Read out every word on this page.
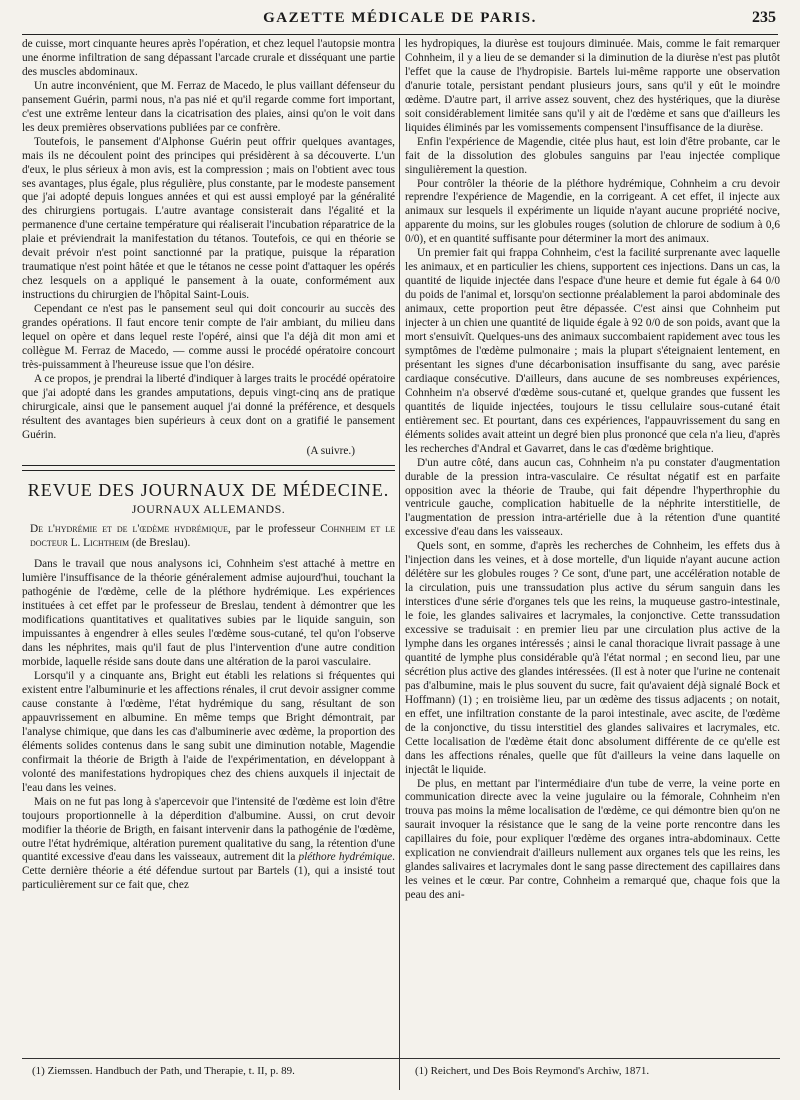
GAZETTE MÉDICALE DE PARIS.	235

de cuisse, mort cinquante heures après l'opération, et chez lequel l'autopsie montra une énorme infiltration de sang dépassant l'arcade crurale et disséquant une partie des muscles abdominaux.

Un autre inconvénient, que M. Ferraz de Macedo, le plus vaillant défenseur du pansement Guérin, parmi nous, n'a pas nié et qu'il regarde comme fort important, c'est une extrême lenteur dans la cicatrisation des plaies, ainsi qu'on le voit dans les deux premières observations publiées par ce confrère.

Toutefois, le pansement d'Alphonse Guérin peut offrir quelques avantages, mais ils ne découlent point des principes qui présidèrent à sa découverte. L'un d'eux, le plus sérieux à mon avis, est la compression ; mais on l'obtient avec tous ses avantages, plus égale, plus régulière, plus constante, par le modeste pansement que j'ai adopté depuis longues années et qui est aussi employé par la généralité des chirurgiens portugais. L'autre avantage consisterait dans l'égalité et la permanence d'une certaine température qui réaliserait l'incubation réparatrice de la plaie et préviendrait la manifestation du tétanos. Toutefois, ce qui en théorie se devait prévoir n'est point sanctionné par la pratique, puisque la réparation traumatique n'est point hâtée et que le tétanos ne cesse point d'attaquer les opérés chez lesquels on a appliqué le pansement à la ouate, conformément aux instructions du chirurgien de l'hôpital Saint-Louis.

Cependant ce n'est pas le pansement seul qui doit concourir au succès des grandes opérations. Il faut encore tenir compte de l'air ambiant, du milieu dans lequel on opère et dans lequel reste l'opéré, ainsi que l'a déjà dit mon ami et collègue M. Ferraz de Macedo, — comme aussi le procédé opératoire concourt très-puissamment à l'heureuse issue que l'on désire.

A ce propos, je prendrai la liberté d'indiquer à larges traits le procédé opératoire que j'ai adopté dans les grandes amputations, depuis vingt-cinq ans de pratique chirurgicale, ainsi que le pansement auquel j'ai donné la préférence, et desquels résultent des avantages bien supérieurs à ceux dont on a gratifié le pansement Guérin.

(A suivre.)
REVUE DES JOURNAUX DE MÉDECINE.
JOURNAUX ALLEMANDS.

De l'hydrémie et de l'œdème hydrémique, par le professeur Cohnheim et le docteur L. Lichtheim (de Breslau).

Dans le travail que nous analysons ici, Cohnheim s'est attaché à mettre en lumière l'insuffisance de la théorie généralement admise aujourd'hui, touchant la pathogénie de l'œdème, celle de la pléthore hydrémique. Les expériences instituées à cet effet par le professeur de Breslau, tendent à démontrer que les modifications quantitatives et qualitatives subies par le liquide sanguin, son impuissantes à engendrer à elles seules l'œdème sous-cutané, tel qu'on l'observe dans les néphrites, mais qu'il faut de plus l'intervention d'une autre condition morbide, laquelle réside sans doute dans une altération de la paroi vasculaire.

Lorsqu'il y a cinquante ans, Bright eut établi les relations si fréquentes qui existent entre l'albuminurie et les affections rénales, il crut devoir assigner comme cause constante à l'œdème, l'état hydrémique du sang, résultant de son appauvrissement en albumine. En même temps que Bright démontrait, par l'analyse chimique, que dans les cas d'albuminerie avec œdème, la proportion des éléments solides contenus dans le sang subit une diminution notable, Magendie confirmait la théorie de Brigth à l'aide de l'expérimentation, en développant à volonté des manifestations hydropiques chez des chiens auxquels il injectait de l'eau dans les veines.

Mais on ne fut pas long à s'apercevoir que l'intensité de l'œdème est loin d'être toujours proportionnelle à la déperdition d'albumine. Aussi, on crut devoir modifier la théorie de Brigth, en faisant intervenir dans la pathogénie de l'œdème, outre l'état hydrémique, altération purement qualitative du sang, la rétention d'une quantité excessive d'eau dans les vaisseaux, autrement dit la pléthore hydrémique. Cette dernière théorie a été défendue surtout par Bartels (1), qui a insisté tout particulièrement sur ce fait que, chez

les hydropiques, la diurèse est toujours diminuée. Mais, comme le fait remarquer Cohnheim, il y a lieu de se demander si la diminution de la diurèse n'est pas plutôt l'effet que la cause de l'hydropisie. Bartels lui-même rapporte une observation d'anurie totale, persistant pendant plusieurs jours, sans qu'il y eût le moindre œdème. D'autre part, il arrive assez souvent, chez des hystériques, que la diurèse soit considérablement limitée sans qu'il y ait de l'œdème et sans que d'ailleurs les liquides éliminés par les vomissements compensent l'insuffisance de la diurèse.

Enfin l'expérience de Magendie, citée plus haut, est loin d'être probante, car le fait de la dissolution des globules sanguins par l'eau injectée complique singulièrement la question.

Pour contrôler la théorie de la pléthore hydrémique, Cohnheim a cru devoir reprendre l'expérience de Magendie, en la corrigeant. A cet effet, il injecte aux animaux sur lesquels il expérimente un liquide n'ayant aucune propriété nocive, apparente du moins, sur les globules rouges (solution de chlorure de sodium à 0,6 0/0), et en quantité suffisante pour déterminer la mort des animaux.

Un premier fait qui frappa Cohnheim, c'est la facilité surprenante avec laquelle les animaux, et en particulier les chiens, supportent ces injections. Dans un cas, la quantité de liquide injectée dans l'espace d'une heure et demie fut égale à 64 0/0 du poids de l'animal et, lorsqu'on sectionne préalablement la paroi abdominale des animaux, cette proportion peut être dépassée. C'est ainsi que Cohnheim put injecter à un chien une quantité de liquide égale à 92 0/0 de son poids, avant que la mort s'ensuivît. Quelques-uns des animaux succombaient rapidement avec tous les symptômes de l'œdème pulmonaire ; mais la plupart s'éteignaient lentement, en présentant les signes d'une décarbonisation insuffisante du sang, avec parésie cardiaque consécutive. D'ailleurs, dans aucune de ses nombreuses expériences, Cohnheim n'a observé d'œdème sous-cutané et, quelque grandes que fussent les quantités de liquide injectées, toujours le tissu cellulaire sous-cutané était entièrement sec. Et pourtant, dans ces expériences, l'appauvrissement du sang en éléments solides avait atteint un degré bien plus prononcé que cela n'a lieu, d'après les recherches d'Andral et Gavarret, dans le cas d'œdème brightique.

D'un autre côté, dans aucun cas, Cohnheim n'a pu constater d'augmentation durable de la pression intra-vasculaire. Ce résultat négatif est en parfaite opposition avec la théorie de Traube, qui fait dépendre l'hyperthrophie du ventricule gauche, complication habituelle de la néphrite interstitielle, de l'augmentation de pression intra-artérielle due à la rétention d'une quantité excessive d'eau dans les vaisseaux.

Quels sont, en somme, d'après les recherches de Cohnheim, les effets dus à l'injection dans les veines, et à dose mortelle, d'un liquide n'ayant aucune action délétère sur les globules rouges ? Ce sont, d'une part, une accélération notable de la circulation, puis une transsudation plus active du sérum sanguin dans les interstices d'une série d'organes tels que les reins, la muqueuse gastro-intestinale, le foie, les glandes salivaires et lacrymales, la conjonctive. Cette transsudation excessive se traduisait : en premier lieu par une circulation plus active de la lymphe dans les organes intéressés ; ainsi le canal thoracique livrait passage à une quantité de lymphe plus considérable qu'à l'état normal ; en second lieu, par une sécrétion plus active des glandes intéressées. (Il est à noter que l'urine ne contenait pas d'albumine, mais le plus souvent du sucre, fait qu'avaient déjà signalé Bock et Hoffmann) (1) ; en troisième lieu, par un œdème des tissus adjacents ; on notait, en effet, une infiltration constante de la paroi intestinale, avec ascite, de l'œdème de la conjonctive, du tissu interstitiel des glandes salivaires et lacrymales, etc. Cette localisation de l'œdème était donc absolument différente de ce qu'elle est dans les affections rénales, quelle que fût d'ailleurs la veine dans laquelle on injectât le liquide.

De plus, en mettant par l'intermédiaire d'un tube de verre, la veine porte en communication directe avec la veine jugulaire ou la fémorale, Cohnheim n'en trouva pas moins la même localisation de l'œdème, ce qui démontre bien qu'on ne saurait invoquer la résistance que le sang de la veine porte rencontre dans les capillaires du foie, pour expliquer l'œdème des organes intra-abdominaux. Cette explication ne conviendrait d'ailleurs nullement aux organes tels que les reins, les glandes salivaires et lacrymales dont le sang passe directement des capillaires dans les veines et le cœur. Par contre, Cohnheim a remarqué que, chaque fois que la peau des ani-

(1) Ziemssen. Handbuch der Path, und Therapie, t. II, p. 89.	(1) Reichert, und Des Bois Reymond's Archiw, 1871.
